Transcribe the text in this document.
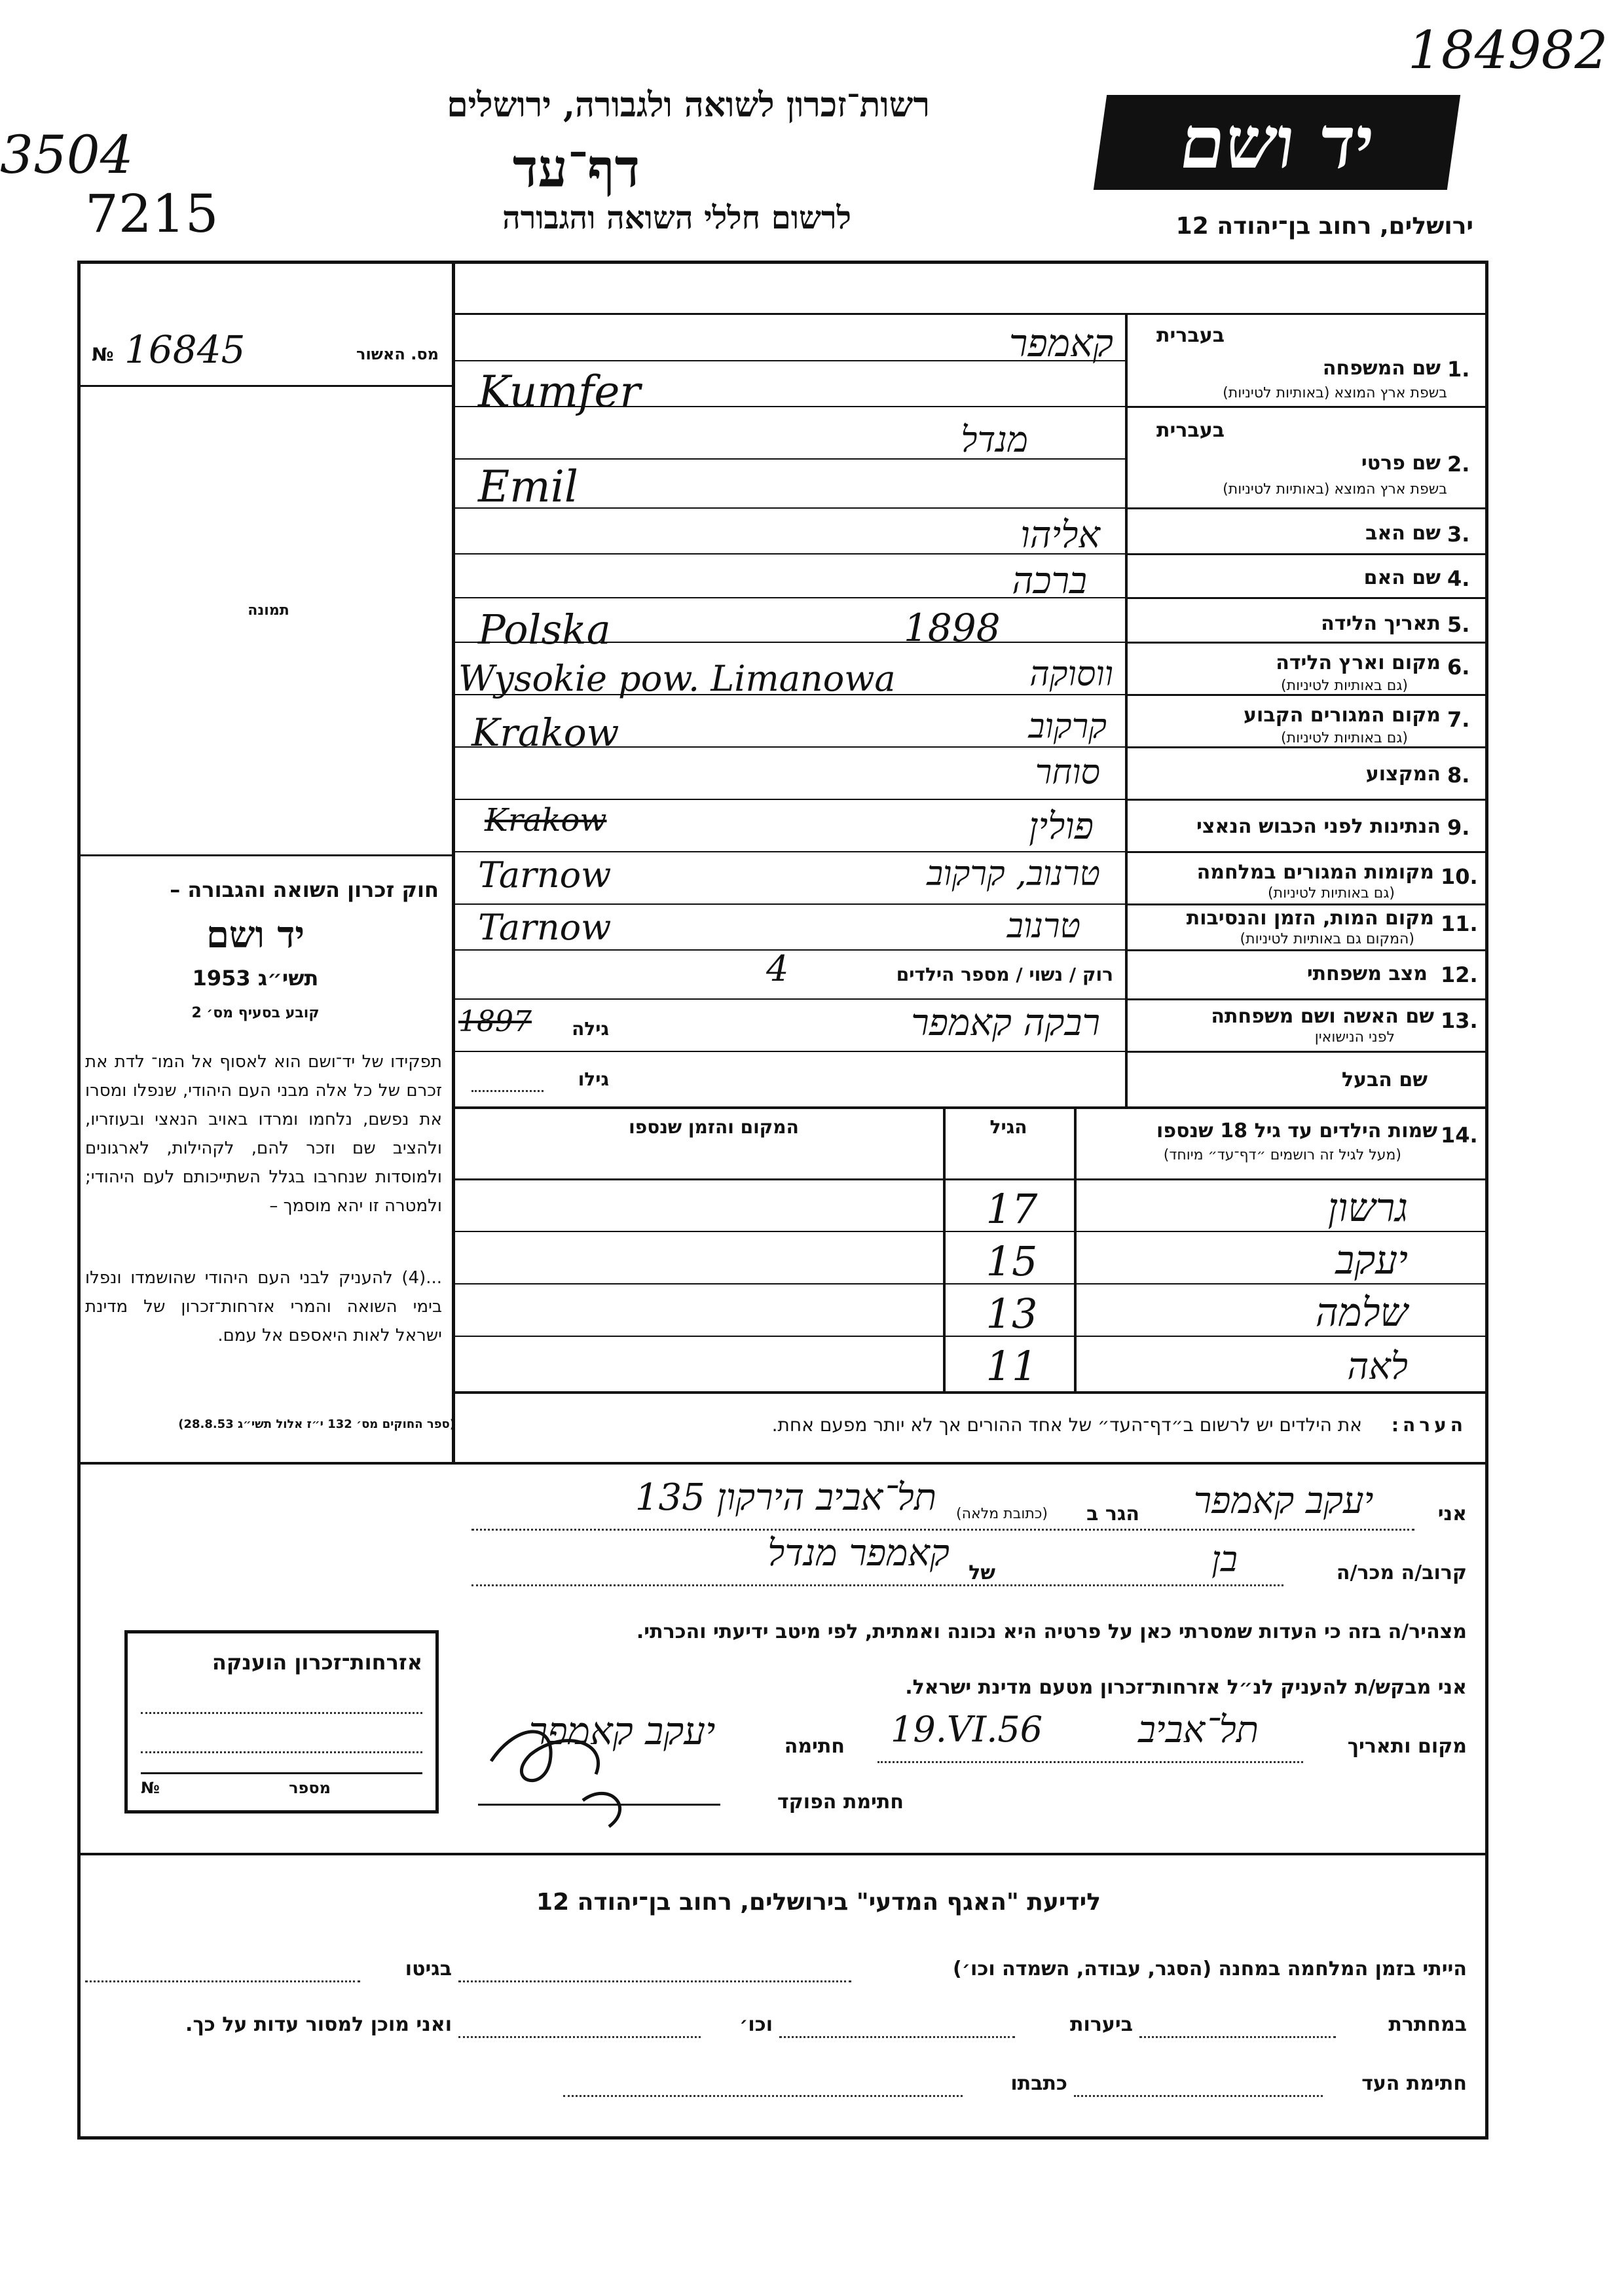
184982
3504
7215
רשות־זכרון לשואה ולגבורה, ירושלים
דף־עד
לרשום חללי השואה והגבורה
יד ושם
ירושלים, רחוב בן־יהודה 12
№ 16845	מס. האשור
תמונה
חוק זכרון השואה והגבורה –
יד ושם
תשי״ג 1953
קובע בסעיף מס׳ 2
תפקידו של יד־ושם הוא לאסוף אל המו־ לדת את זכרם של כל אלה מבני העם היהודי, שנפלו ומסרו את נפשם, נלחמו ומרדו באויב הנאצי ובעוזריו, ולהציב שם וזכר להם, לקהילות, לארגונים ולמוסדות שנחרבו בגלל השתייכותם לעם היהודי; ולמטרה זו יהא מוסמך –
...(4) להעניק לבני העם היהודי שהושמדו ונפלו בימי השואה והמרי אזרחות־זכרון של מדינת ישראל לאות היאספם אל עמם.
(ספר החוקים מס׳ 132 י״ז אלול תשי״ג 28.8.53)
בעברית
1.
שם המשפחה
בשפת ארץ המוצא (באותיות לטיניות)
קאמפר
Kumfer
בעברית
2.
שם פרטי
בשפת ארץ המוצא (באותיות לטיניות)
מנדל
Emil
3.
שם האב
אליהו
4.
שם האם
ברכה
5.
תאריך הלידה
1898
Polska
6.
מקום וארץ הלידה
(גם באותיות לטיניות)
ווסוקה
Wysokie pow. Limanowa
7.
מקום המגורים הקבוע
(גם באותיות לטיניות)
קרקוב
Krakow
8.
המקצוע
סוחר
9.
הנתינות לפני הכבוש הנאצי
פולין
Krakow
10.
מקומות המגורים במלחמה
(גם באותיות לטיניות)
טרנוב, קרקוב
Tarnow
11.
מקום המות, הזמן והנסיבות
(המקום גם באותיות לטיניות)
טרנוב
Tarnow
12.
מצב משפחתי
רוק / נשוי / מספר הילדים
4
13.
שם האשה ושם משפחתה
לפני הנישואין
רבקה קאמפר
גילה
1897
שם הבעל
גילו
14.
שמות הילדים עד גיל 18 שנספו
(מעל לגיל זה רושמים ״דף־עד״ מיוחד)
הגיל
המקום והזמן שנספו
גרשון
17
יעקב
15
שלמה
13
לאה
11
הערה:
את הילדים יש לרשום ב״דף־העד״ של אחד ההורים אך לא יותר מפעם אחת.
אני
יעקב קאמפר
הגר ב
(כתובת מלאה)
תל־אביב הירקון 135
קרוב/ה מכר/ה
בן
של
קאמפר מנדל
מצהיר/ה בזה כי העדות שמסרתי כאן על פרטיה היא נכונה ואמתית, לפי מיטב ידיעתי והכרתי.
אני מבקש/ת להעניק לנ״ל אזרחות־זכרון מטעם מדינת ישראל.
מקום ותאריך
תל־אביב
19.VI.56
חתימה
יעקב קאמפר
חתימת הפוקד
אזרחות־זכרון הוענקה
מספר
№
לידיעת "האגף המדעי" בירושלים, רחוב בן־יהודה 12
הייתי בזמן המלחמה במחנה (הסגר, עבודה, השמדה וכו׳)
בגיטו
במחתרת
ביערות
וכו׳
ואני מוכן למסור עדות על כך.
חתימת העד
כתבתו
